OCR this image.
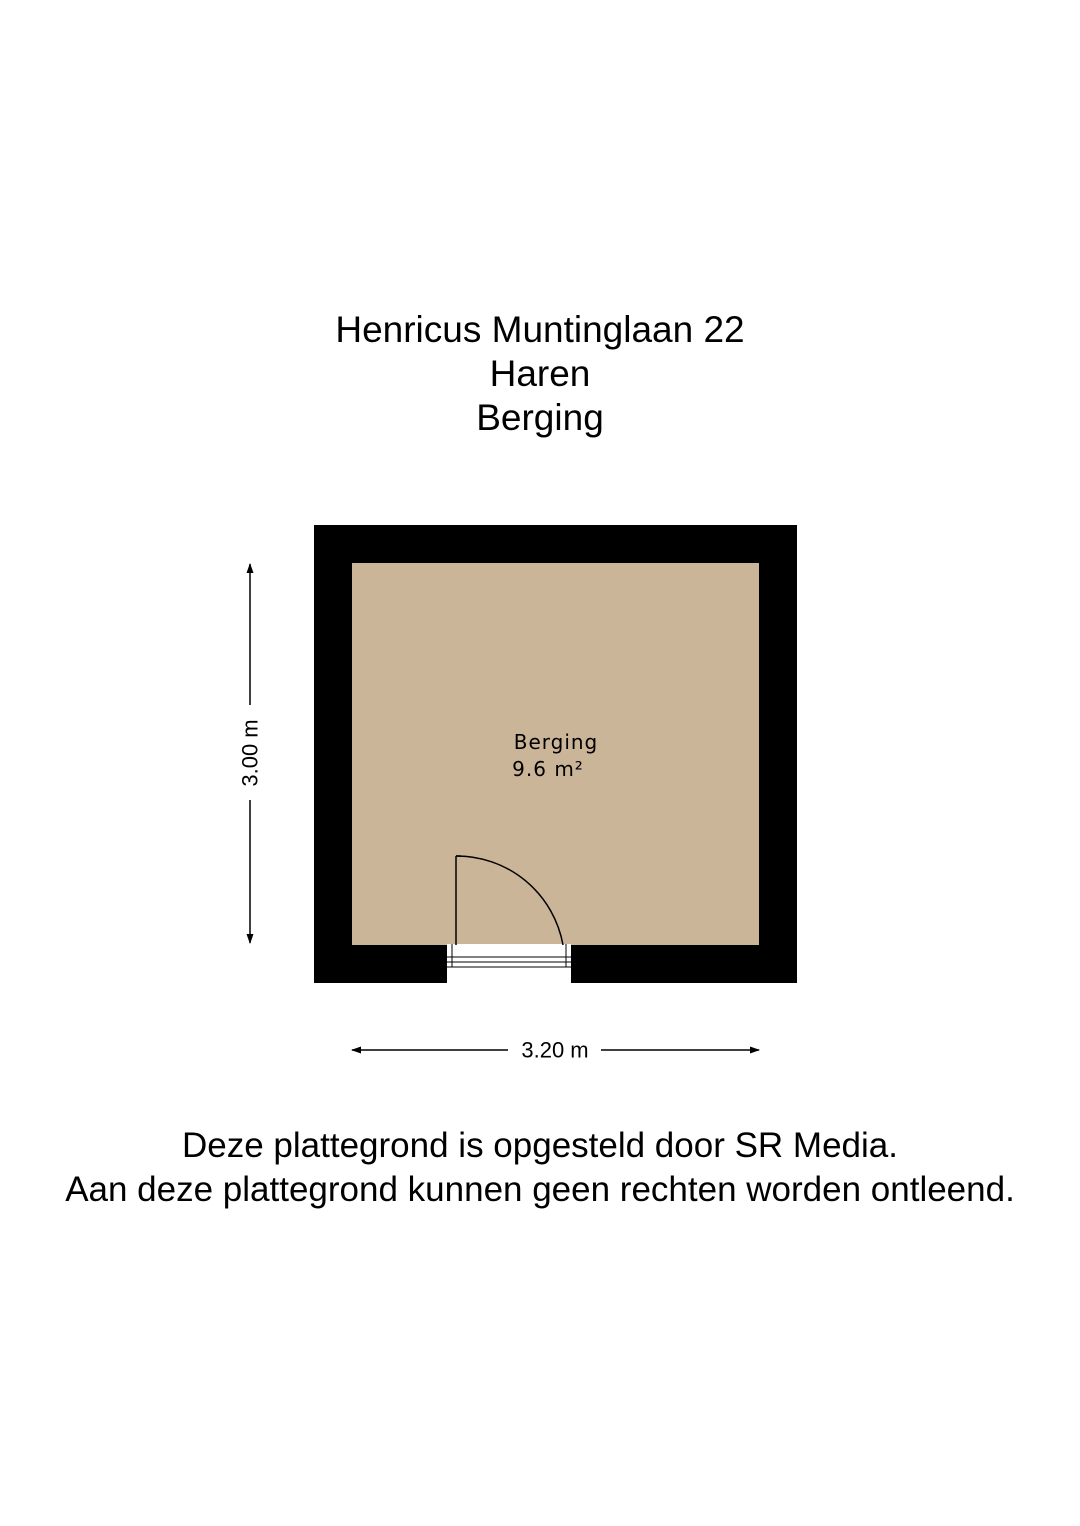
Henricus Muntinglaan 22
Haren
Berging
3.00 m
3.20 m
Berging
9.6 m²
Deze plattegrond is opgesteld door SR Media.
Aan deze plattegrond kunnen geen rechten worden ontleend.
